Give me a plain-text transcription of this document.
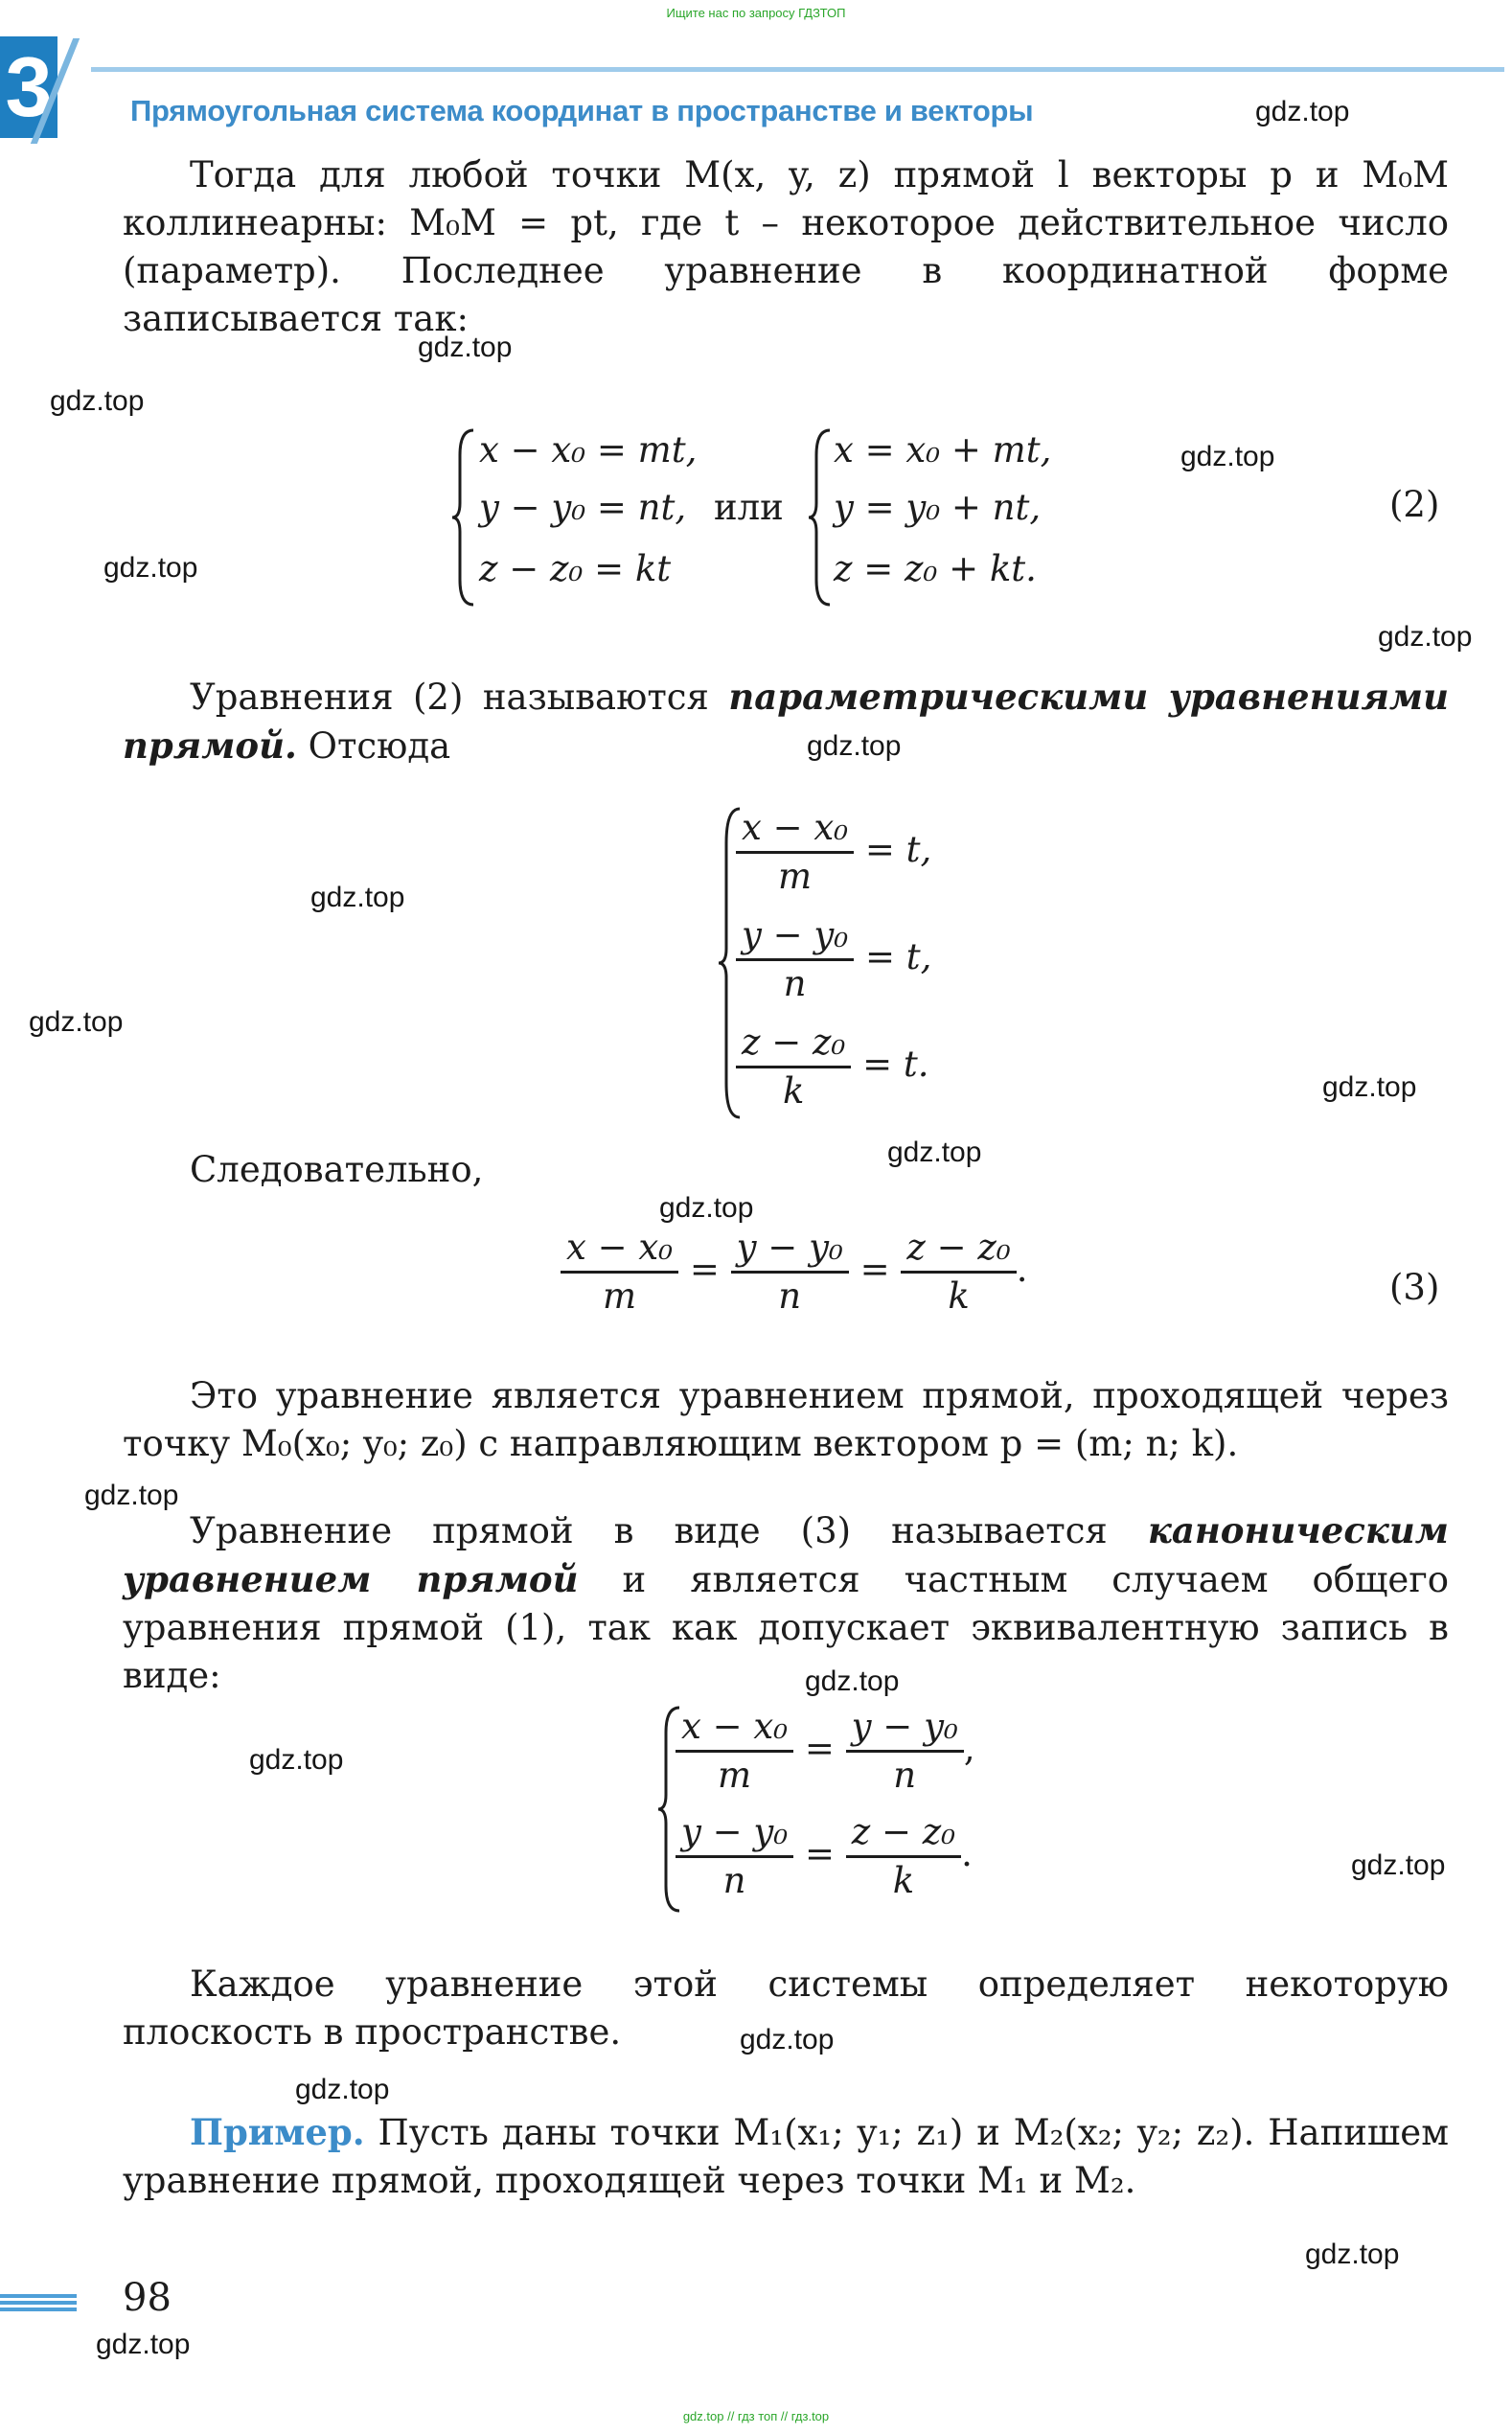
Ищите нас по запросу ГДЗТОП
3	Прямоугольная система координат в пространстве и векторы
Тогда для любой точки M(x, y, z) прямой l векторы p и M₀M коллинеарны: M₀M = pt, где t – некоторое действительное число (параметр). Последнее уравнение в координатной форме записывается так:
x − x₀ = mt,
y − y₀ = nt,
z − z₀ = kt
или
x = x₀ + mt,
y = y₀ + nt,
z = z₀ + kt.
(2)
Уравнения (2) называются параметрическими уравнениями прямой. Отсюда
$\frac{\text{x − x₀}}{m} = t$,
$\frac{\text{y − y₀}}{n} = t$,
$\frac{\text{z − z₀}}{k} = t$.
Следовательно,
$\frac{\text{x − x₀}}{m} = \frac{\text{y − y₀}}{n} = \frac{\text{z − z₀}}{k}$ .	(3)
Это уравнение является уравнением прямой, проходящей через точку M₀(x₀; y₀; z₀) с направляющим вектором p = (m; n; k).
Уравнение прямой в виде (3) называется каноническим уравнением прямой и является частным случаем общего уравнения прямой (1), так как допускает эквивалентную запись в виде:
$\frac{\text{x − x₀}}{m} = \frac{\text{y − y₀}}{n}$ ,
$\frac{\text{y − y₀}}{n} = \frac{\text{z − z₀}}{k}$ .
Каждое уравнение этой системы определяет некоторую плоскость в пространстве.
Пример. Пусть даны точки M₁(x₁; y₁; z₁) и M₂(x₂; y₂; z₂). Напишем уравнение прямой, проходящей через точки M₁ и M₂.
98
gdz.top // гдз топ // гдз.top
gdz.top
gdz.top
gdz.top
gdz.top
gdz.top
gdz.top
gdz.top
gdz.top
gdz.top
gdz.top
gdz.top
gdz.top
gdz.top
gdz.top
gdz.top
gdz.top
gdz.top
gdz.top
gdz.top
gdz.top
